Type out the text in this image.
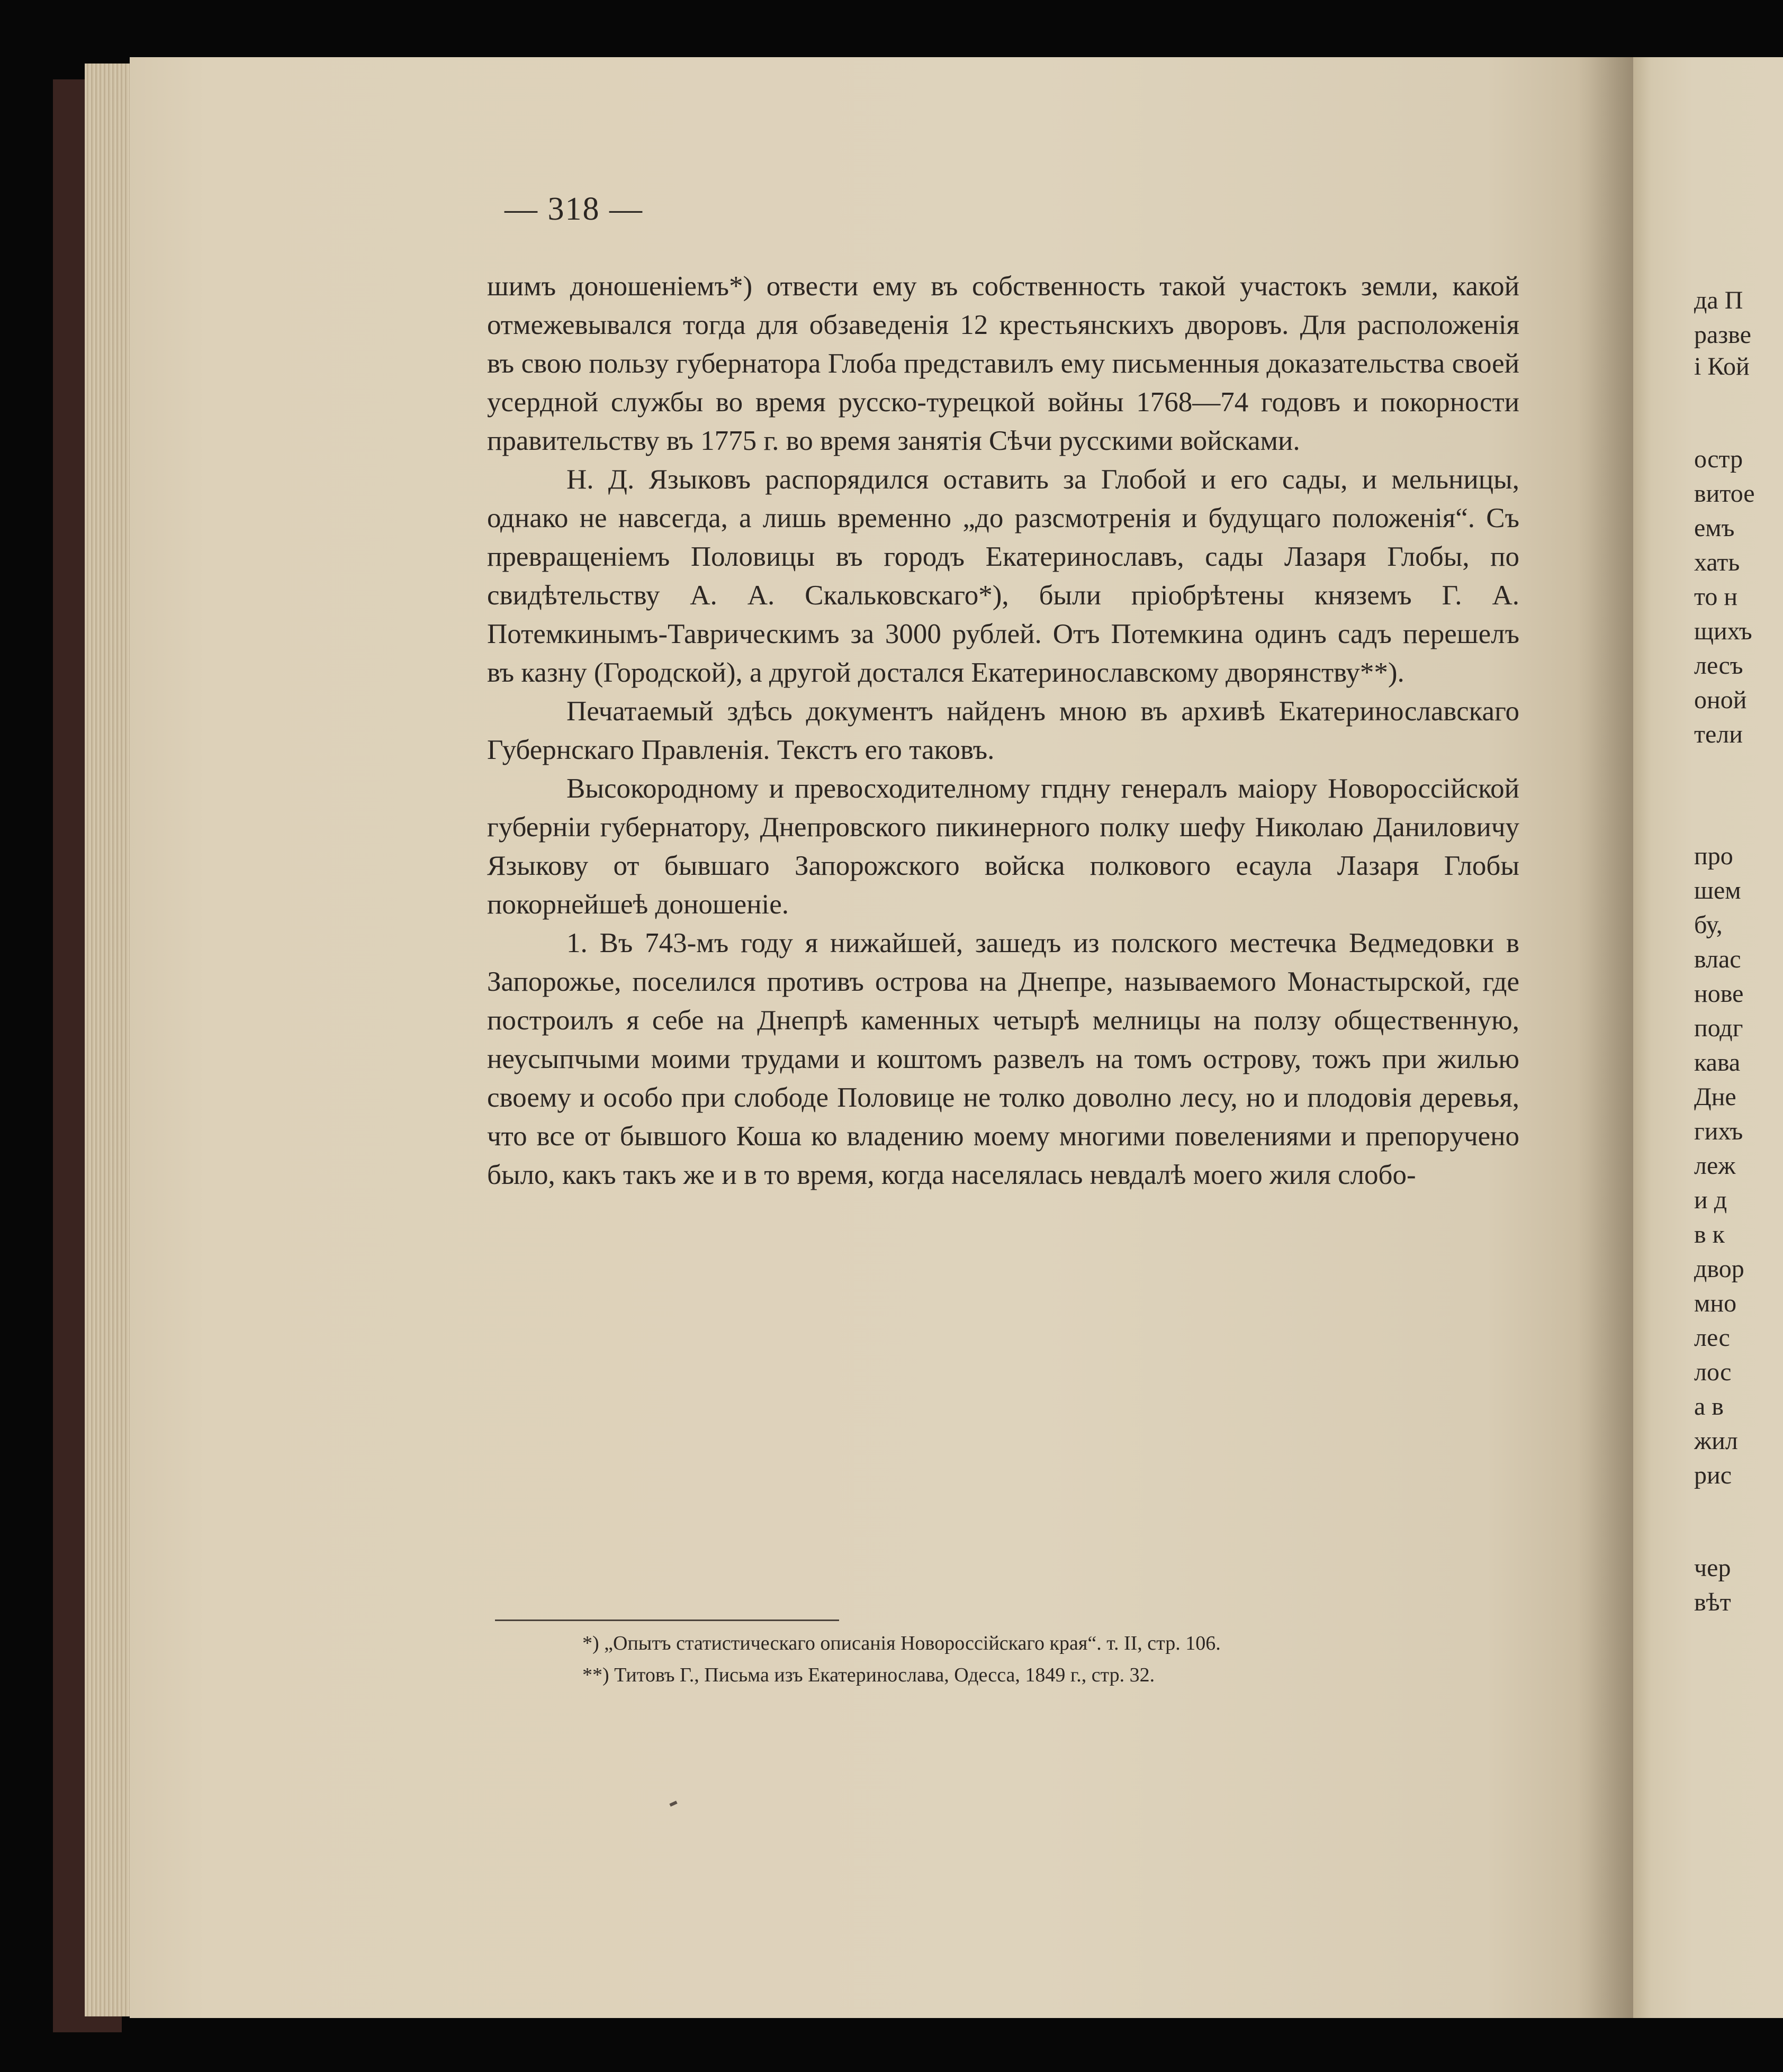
— 318 —

шимъ доношеніемъ*) отвести ему въ собственность такой участокъ земли, какой отмежевывался тогда для обзаведенія 12 крестьянскихъ дворовъ. Для расположенія въ свою пользу губернатора Глоба представилъ ему письменныя доказательства своей усердной службы во время русско-турецкой войны 1768—74 годовъ и покорности правительству въ 1775 г. во время занятія Сѣчи русскими войсками.

Н. Д. Языковъ распорядился оставить за Глобой и его сады, и мельницы, однако не навсегда, а лишь временно „до разсмотренія и будущаго положенія“. Съ превращеніемъ Половицы въ городъ Екатеринославъ, сады Лазаря Глобы, по свидѣтельству А. А. Скальковскаго*), были пріобрѣтены княземъ Г. А. Потемкинымъ-Таврическимъ за 3000 рублей. Отъ Потемкина одинъ садъ перешелъ въ казну (Городской), а другой достался Екатеринославскому дворянству**).

Печатаемый здѣсь документъ найденъ мною въ архивѣ Екатеринославскаго Губернскаго Правленія. Текстъ его таковъ.

Высокородному и превосходителному гпдну генералъ маіору Новороссійской губерніи губернатору, Днепровского пикинерного полку шефу Николаю Даниловичу Языкову от бывшаго Запорожского войска полкового есаула Лазаря Глобы покорнейшеѣ доношеніе.

1. Въ 743-мъ году я нижайшей, зашедъ из полского местечка Ведмедовки в Запорожье, поселился противъ острова на Днепре, называемого Монастырской, где построилъ я себе на Днепрѣ каменных четырѣ мелницы на ползу общественную, неусыпчыми моими трудами и коштомъ развелъ на томъ острову, тожъ при жилью своему и особо при слободе Половице не толко доволно лесу, но и плодовія деревья, что все от бывшого Коша ко владению моему многими повелениями и препоручено было, какъ такъ же и в то время, когда населялась невдалѣ моего жиля слобо-

*) „Опытъ статистическаго описанія Новороссійскаго края“. т. II, стр. 106.
**) Титовъ Г., Письма изъ Екатеринослава, Одесса, 1849 г., стр. 32.
да П
разве
і Кой
остр
витое
емъ
хать
то н
щихъ
лесъ
оной
тели
про
шем
бу,
влас
нове
подг
кава
Дне
гихъ
леж
и д
в к
двор
мно
лес
лос
а в
жил
рис
чер
вѣт
